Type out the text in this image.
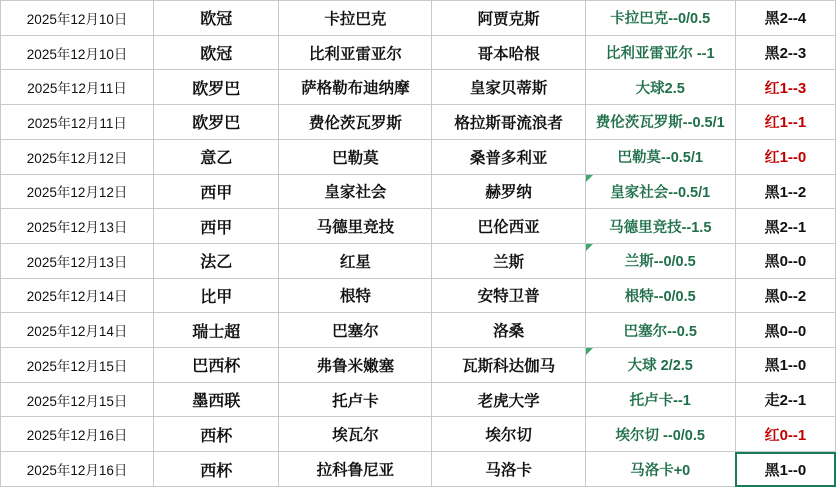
2025年12月10日	欧冠	卡拉巴克	阿贾克斯	卡拉巴克--0/0.5	黑2--4

2025年12月10日	欧冠	比利亚雷亚尔	哥本哈根	比利亚雷亚尔 --1	黑2--3

2025年12月11日	欧罗巴	萨格勒布迪纳摩	皇家贝蒂斯	大球2.5	红1--3

2025年12月11日	欧罗巴	费伦茨瓦罗斯	格拉斯哥流浪者	费伦茨瓦罗斯--0.5/1	红1--1

2025年12月12日	意乙	巴勒莫	桑普多利亚	巴勒莫--0.5/1	红1--0

2025年12月12日	西甲	皇家社会	赫罗纳	皇家社会--0.5/1	黑1--2

2025年12月13日	西甲	马德里竞技	巴伦西亚	马德里竞技--1.5	黑2--1

2025年12月13日	法乙	红星	兰斯	兰斯--0/0.5	黑0--0

2025年12月14日	比甲	根特	安特卫普	根特--0/0.5	黑0--2

2025年12月14日	瑞士超	巴塞尔	洛桑	巴塞尔--0.5	黑0--0

2025年12月15日	巴西杯	弗鲁米嫩塞	瓦斯科达伽马	大球 2/2.5	黑1--0

2025年12月15日	墨西联	托卢卡	老虎大学	托卢卡--1	走2--1

2025年12月16日	西杯	埃瓦尔	埃尔切	埃尔切 --0/0.5	红0--1

2025年12月16日	西杯	拉科鲁尼亚	马洛卡	马洛卡+0	黑1--0
